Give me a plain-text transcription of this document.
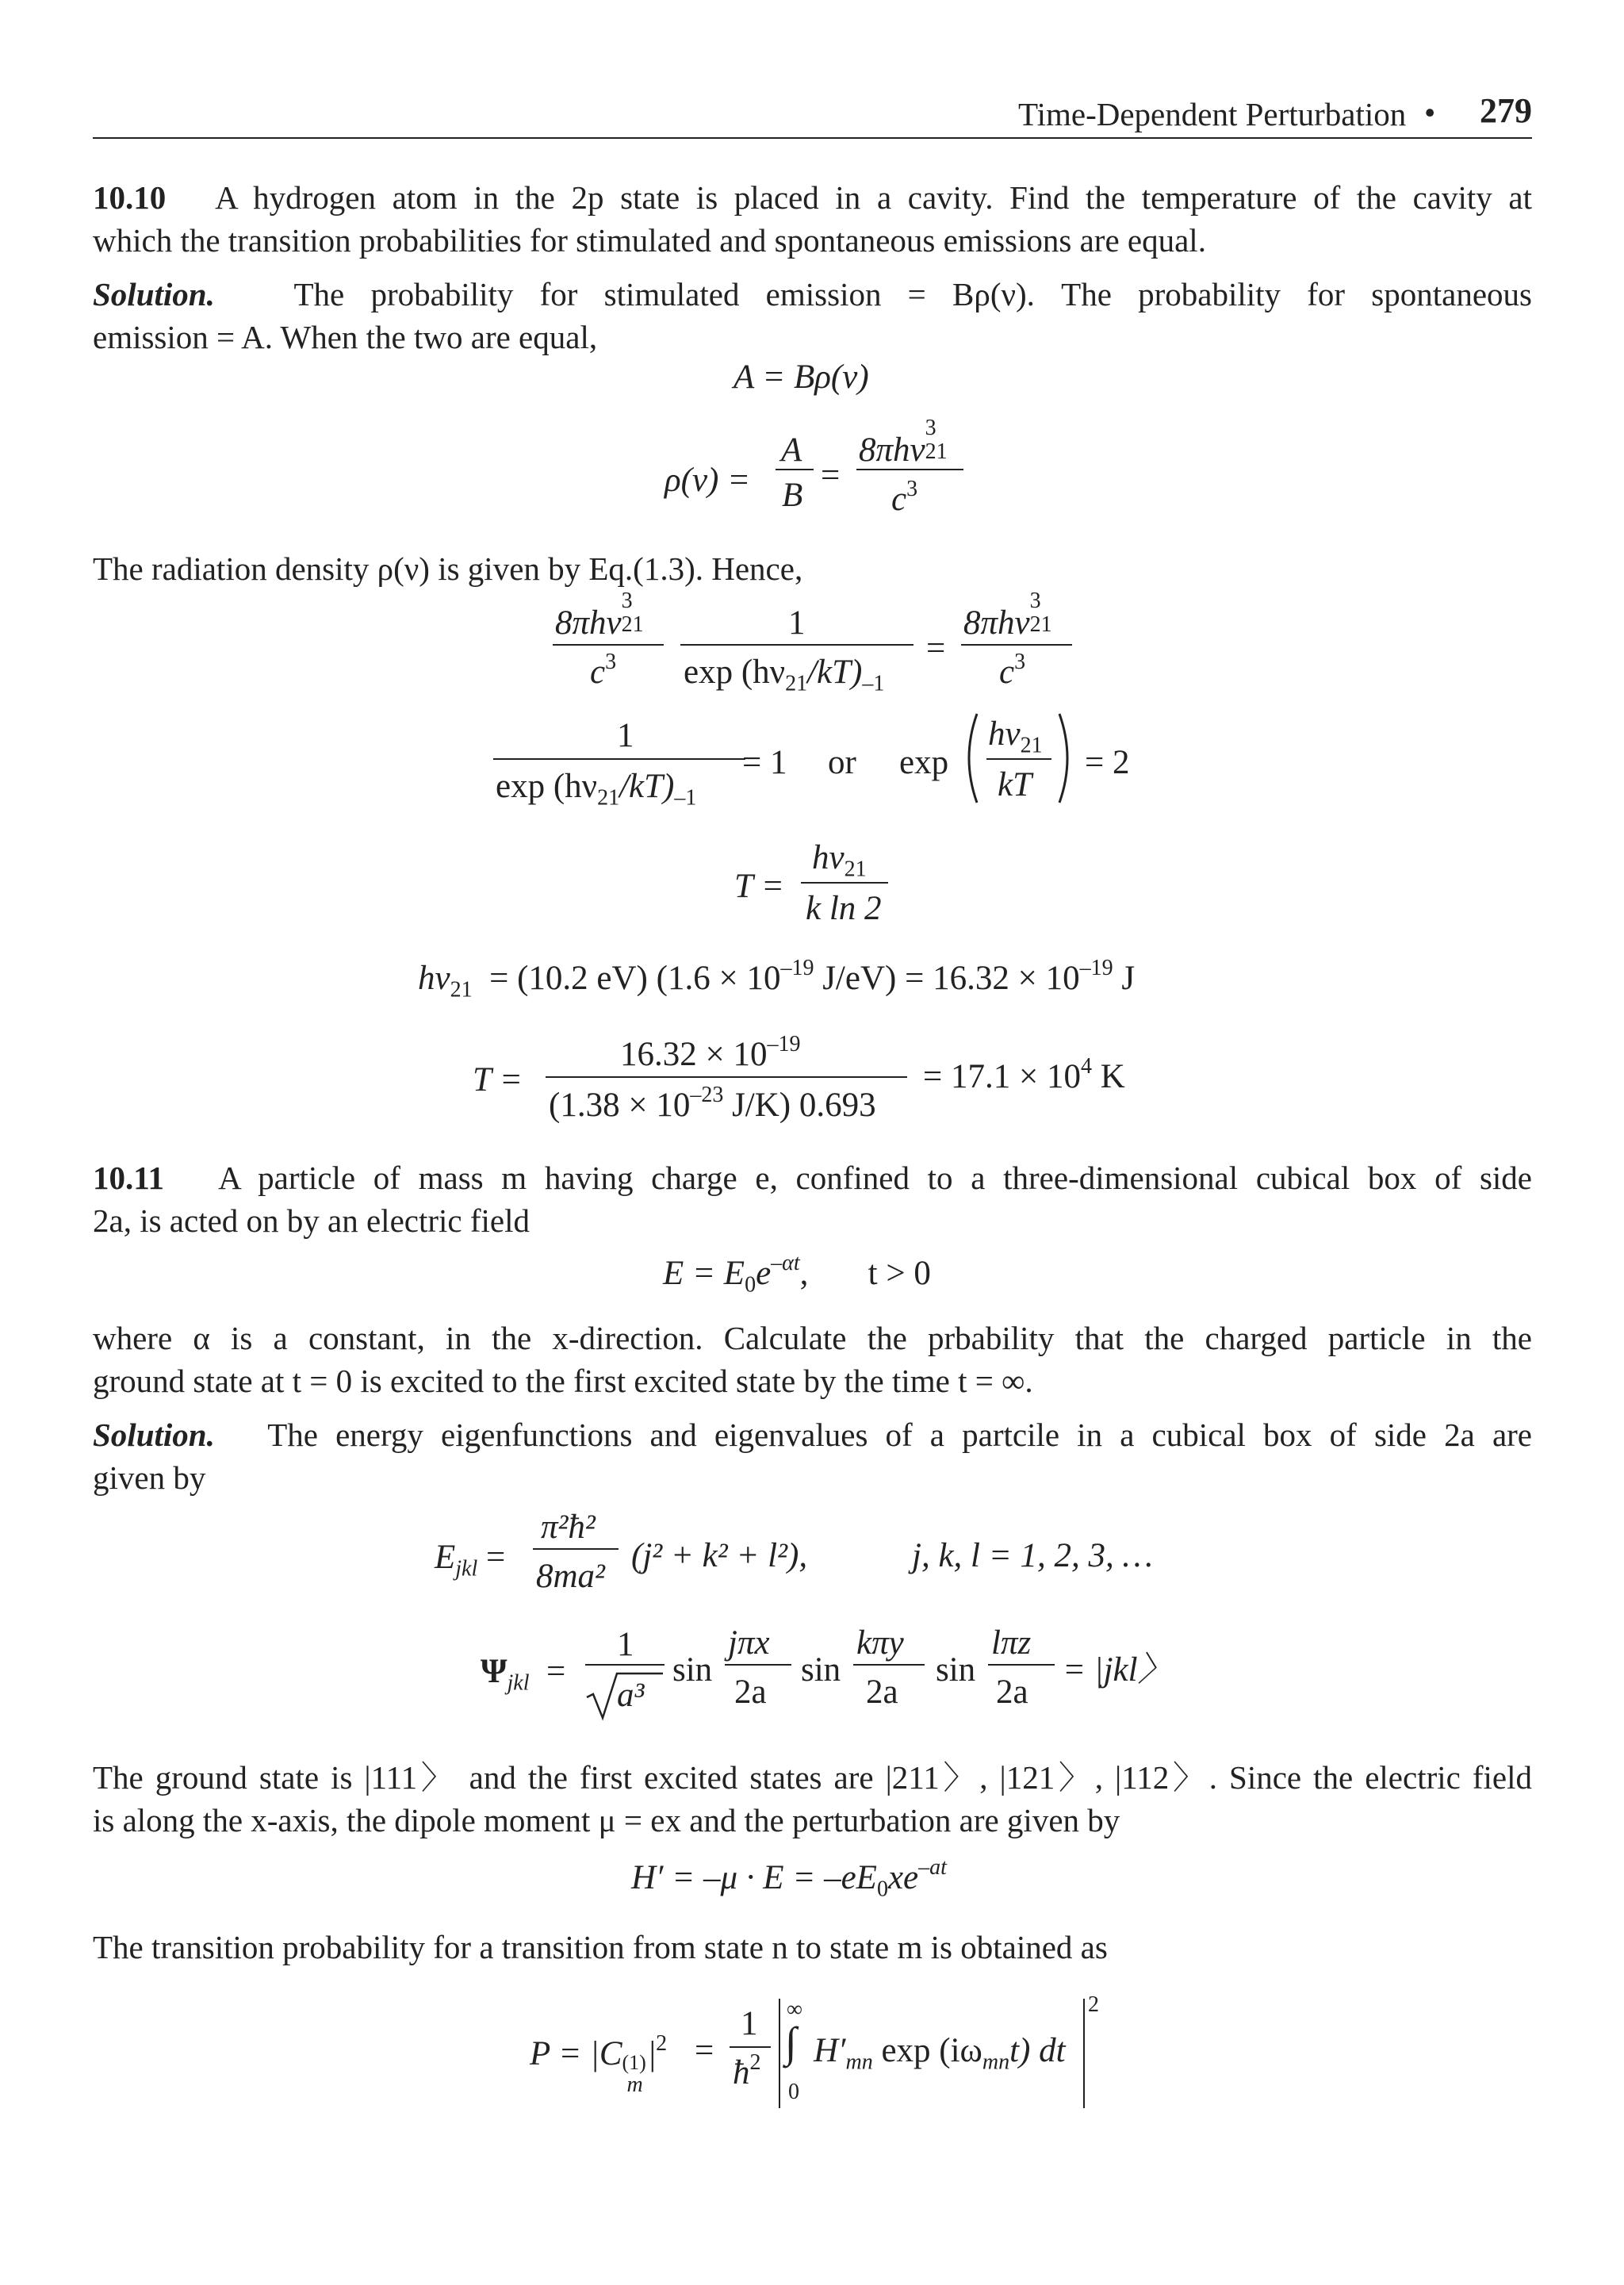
Time-Dependent Perturbation • 279
10.10 A hydrogen atom in the 2p state is placed in a cavity. Find the temperature of the cavity at
which the transition probabilities for stimulated and spontaneous emissions are equal.
Solution. The probability for stimulated emission = Bρ(ν). The probability for spontaneous
emission = A. When the two are equal,
A = Bρ(ν)
ρ(ν) =
A
B
=
8πhν
3
21
$c^3$
The radiation density ρ(ν) is given by Eq.(1.3). Hence,
8πhν
3
21
$c^3$
1
$\exp (h\nu_{21}/kT)_{-1}$
=
8πhν
3
21
$c^3$
1
$\exp (h\nu_{21}/kT)_{-1}$
= 1 or exp
$h\nu_{21}$
kT
= 2
T =
$h\nu_{21}$
k ln 2
$h\nu_{21} = (10.2$ eV) ($1.6 \times 10^{-19}$ $J/eV) = 16.32 \times 10^{-19}$ J
T =
$16.32 \times 10^{-19}$
($1.38 \times 10^{-23}$ J/K) 0.693
= $17.1 \times 10^4$ K
10.11 A particle of mass m having charge e, confined to a three-dimensional cubical box of side
2a, is acted on by an electric field
$E = E_0e^{-\alpha t}$,       t > 0
where α is a constant, in the x-direction. Calculate the prbability that the charged particle in the
ground state at t = 0 is excited to the first excited state by the time t = ∞.
Solution. The energy eigenfunctions and eigenvalues of a partcile in a cubical box of side 2a are
given by
$E_{jkl}$ =
π²ħ²
8ma²
(j² + k² + l²),	j, k, l = 1, 2, 3, …
$\Psi_{jkl}$  =
1
a³
sin
jπx
2a
sin
kπy
2a
sin
lπz
2a
= |jkl〉
The ground state is |111〉 and the first excited states are |211〉, |121〉, |112〉. Since the electric field
is along the x-axis, the dipole moment μ = ex and the perturbation are given by
$H' = -\mu \cdot E = -eE_0xe^{-at}$
The transition probability for a transition from state n to state m is obtained as
P = |C (1)
m
$|^2$ =
1
$ħ^2$
∞
∫
0
$H'_{mn}$ $\exp (i\omega_{mn}t)$ dt
2
